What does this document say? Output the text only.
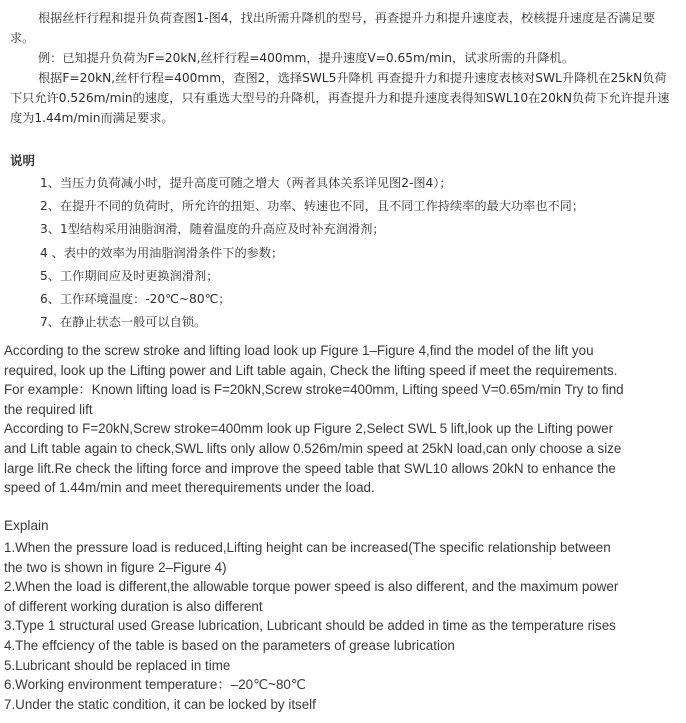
根据丝杆行程和提升负荷查图1-图4，找出所需升降机的型号，再查提升力和提升速度表，校核提升速度是否满足要求。

例：已知提升负荷为F=20kN,丝杆行程=400mm，提升速度V=0.65m/min，试求所需的升降机。

根据F=20kN,丝杆行程=400mm，查图2，选择SWL5升降机 再查提升力和提升速度表核对SWL升降机在25kN负荷下只允许0.526m/min的速度，只有重选大型号的升降机，再查提升力和提升速度表得知SWL10在20kN负荷下允许提升速度为1.44m/min而满足要求。

说明
1、当压力负荷减小时，提升高度可随之增大（两者具体关系详见图2-图4）；
2、在提升不同的负荷时，所允许的扭矩、功率、转速也不同，且不同工作持续率的最大功率也不同；
3、1型结构采用油脂润滑，随着温度的升高应及时补充润滑剂；
4 、表中的效率为用油脂润滑条件下的参数；
5、工作期间应及时更换润滑剂；
6、工作环境温度：-20℃~80℃；
7、在静止状态一般可以自锁。

According to the screw stroke and lifting load look up Figure 1–Figure 4,find the model of the lift you

required, look up the Lifting power and Lift table again, Check the lifting speed if meet the requirements.

For example：Known lifting load is F=20kN,Screw stroke=400mm, Lifting speed V=0.65m/min Try to find

the required lift

According to F=20kN,Screw stroke=400mm look up Figure 2,Select SWL 5 lift,look up the Lifting power

and Lift table again to check,SWL lifts only allow 0.526m/min speed at 25kN load,can only choose a size

large lift.Re check the lifting force and improve the speed table that SWL10 allows 20kN to enhance the

speed of 1.44m/min and meet therequirements under the load.

Explain
1.When the pressure load is reduced,Lifting height can be increased(The specific relationship between
the two is shown in figure 2–Figure 4)
2.When the load is different,the allowable torque power speed is also different, and the maximum power
of different working duration is also different
3.Type 1 structural used Grease lubrication, Lubricant should be added in time as the temperature rises
4.The effciency of the table is based on the parameters of grease lubrication
5.Lubricant should be replaced in time
6.Working environment temperature：–20℃~80℃
7.Under the static condition, it can be locked by itself
